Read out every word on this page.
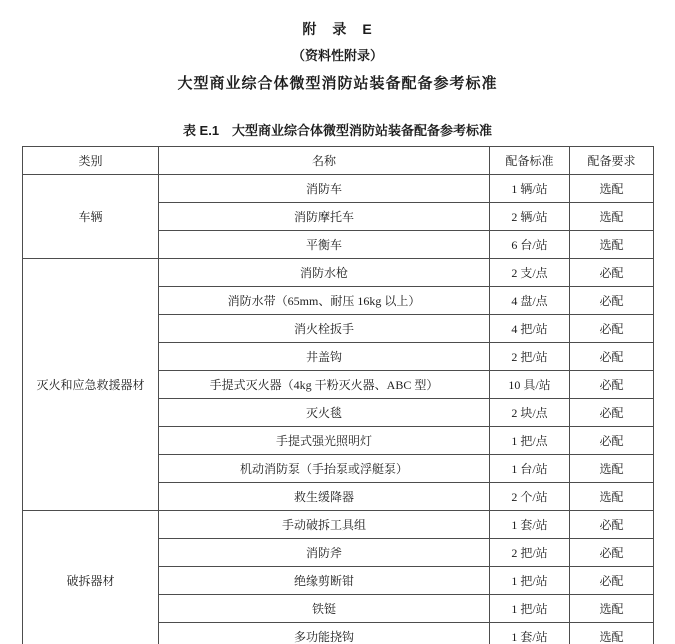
附　录　E
（资料性附录）
大型商业综合体微型消防站装备配备参考标准
表 E.1　大型商业综合体微型消防站装备配备参考标准
类别	名称	配备标准	配备要求
车辆	消防车	1 辆/站	选配
	消防摩托车	2 辆/站	选配
	平衡车	6 台/站	选配
灭火和应急救援器材	消防水枪	2 支/点	必配
	消防水带（65mm、耐压 16kg 以上）	4 盘/点	必配
	消火栓扳手	4 把/站	必配
	井盖钩	2 把/站	必配
	手提式灭火器（4kg 干粉灭火器、ABC 型）	10 具/站	必配
	灭火毯	2 块/点	必配
	手提式强光照明灯	1 把/点	必配
	机动消防泵（手抬泵或浮艇泵）	1 台/站	选配
	救生缓降器	2 个/站	选配
破拆器材	手动破拆工具组	1 套/站	必配
	消防斧	2 把/站	必配
	绝缘剪断钳	1 把/站	必配
	铁铤	1 把/站	选配
	多功能挠钩	1 套/站	选配
